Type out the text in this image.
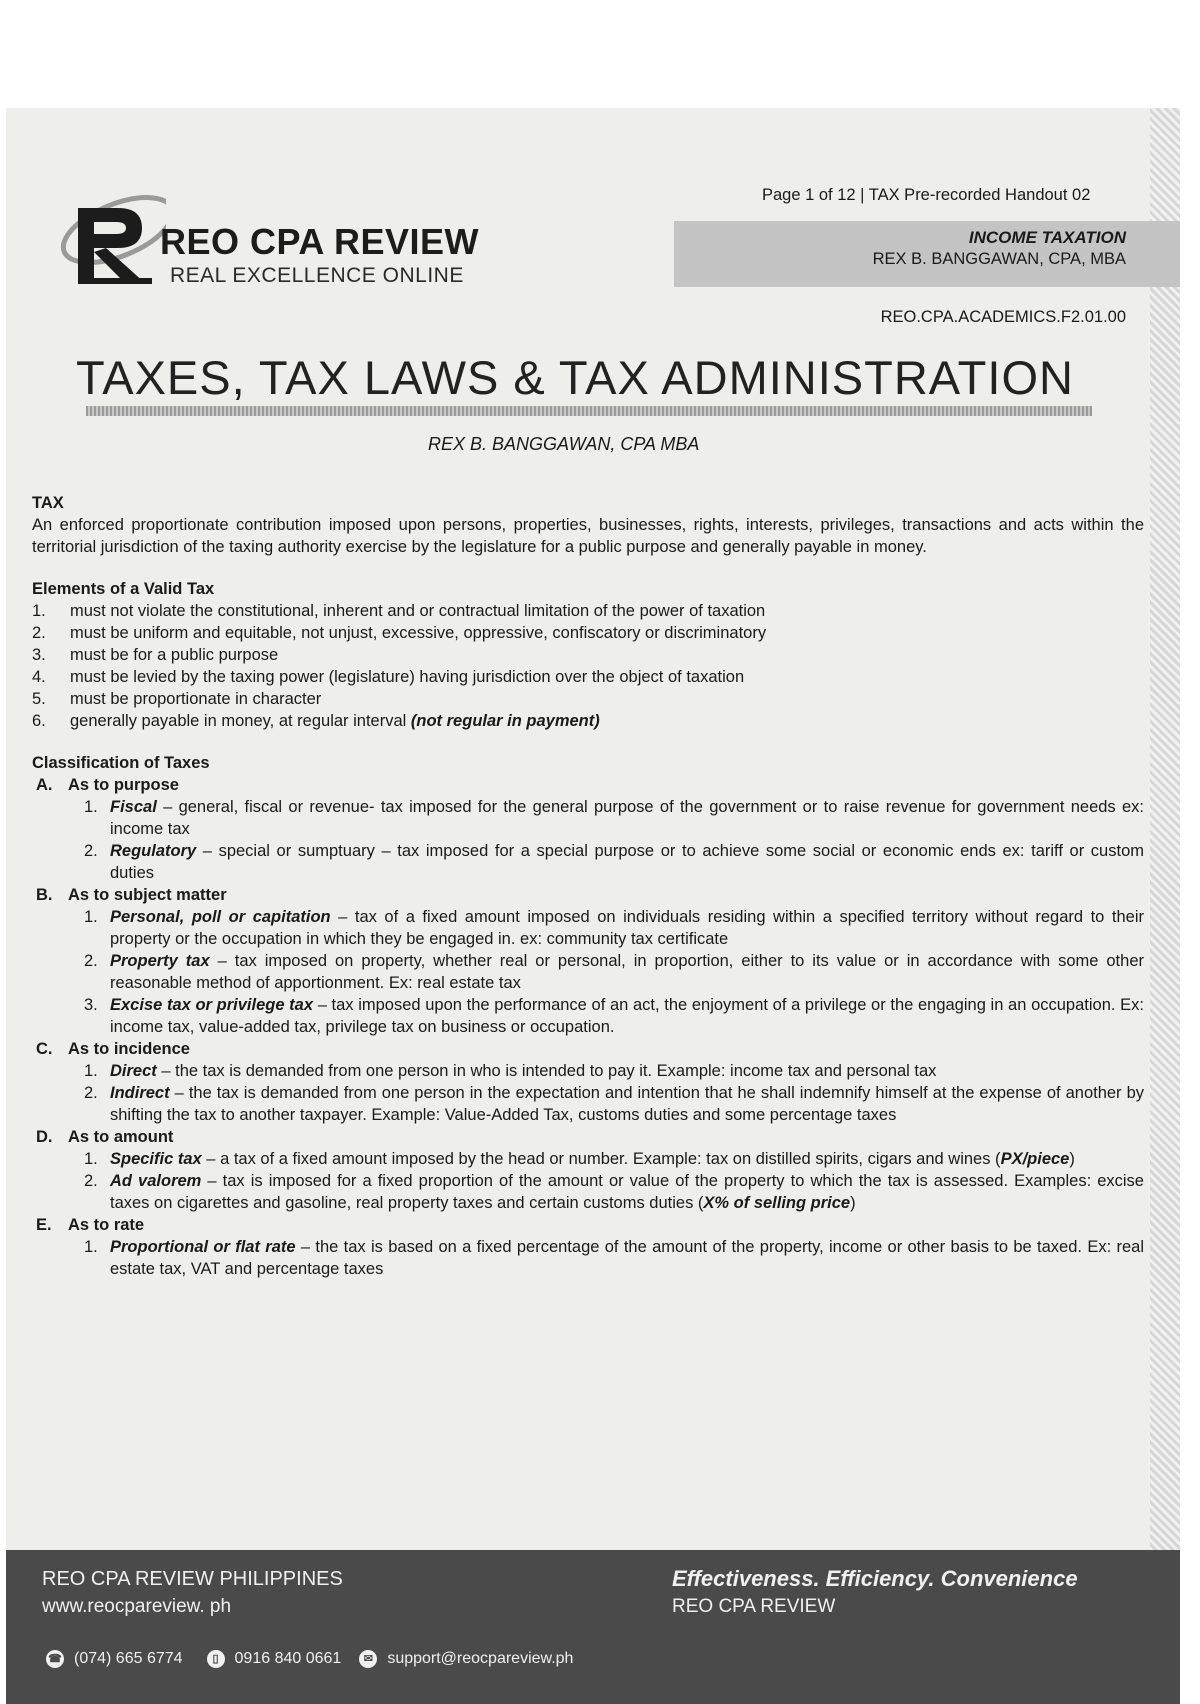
Page 1 of 12 | TAX Pre-recorded Handout 02
REO CPA REVIEW
REAL EXCELLENCE ONLINE
INCOME TAXATION
REX B. BANGGAWAN, CPA, MBA
REO.CPA.ACADEMICS.F2.01.00
TAXES, TAX LAWS & TAX ADMINISTRATION
REX B. BANGGAWAN, CPA MBA
TAX

An enforced proportionate contribution imposed upon persons, properties, businesses, rights, interests, privileges, transactions and acts within the territorial jurisdiction of the taxing authority exercise by the legislature for a public purpose and generally payable in money.

Elements of a Valid Tax
1. must not violate the constitutional, inherent and or contractual limitation of the power of taxation
2. must be uniform and equitable, not unjust, excessive, oppressive, confiscatory or discriminatory
3. must be for a public purpose
4. must be levied by the taxing power (legislature) having jurisdiction over the object of taxation
5. must be proportionate in character
6. generally payable in money, at regular interval (not regular in payment)
Classification of Taxes
A. As to purpose
1. Fiscal – general, fiscal or revenue- tax imposed for the general purpose of the government or to raise revenue for government needs ex: income tax
2. Regulatory – special or sumptuary – tax imposed for a special purpose or to achieve some social or economic ends ex: tariff or custom duties
B. As to subject matter
1. Personal, poll or capitation – tax of a fixed amount imposed on individuals residing within a specified territory without regard to their property or the occupation in which they be engaged in. ex: community tax certificate
2. Property tax – tax imposed on property, whether real or personal, in proportion, either to its value or in accordance with some other reasonable method of apportionment. Ex: real estate tax
3. Excise tax or privilege tax – tax imposed upon the performance of an act, the enjoyment of a privilege or the engaging in an occupation. Ex: income tax, value-added tax, privilege tax on business or occupation.
C. As to incidence
1. Direct – the tax is demanded from one person in who is intended to pay it. Example: income tax and personal tax
2. Indirect – the tax is demanded from one person in the expectation and intention that he shall indemnify himself at the expense of another by shifting the tax to another taxpayer. Example: Value-Added Tax, customs duties and some percentage taxes
D. As to amount
1. Specific tax – a tax of a fixed amount imposed by the head or number. Example: tax on distilled spirits, cigars and wines (PX/piece)
2. Ad valorem – tax is imposed for a fixed proportion of the amount or value of the property to which the tax is assessed. Examples: excise taxes on cigarettes and gasoline, real property taxes and certain customs duties (X% of selling price)
E. As to rate
1. Proportional or flat rate – the tax is based on a fixed percentage of the amount of the property, income or other basis to be taxed. Ex: real estate tax, VAT and percentage taxes
REO CPA REVIEW PHILIPPINES
www.reocpareview. ph
Effectiveness. Efficiency. Convenience
REO CPA REVIEW
☎ (074) 665 6774	▯ 0916 840 0661	✉ support@reocpareview.ph
